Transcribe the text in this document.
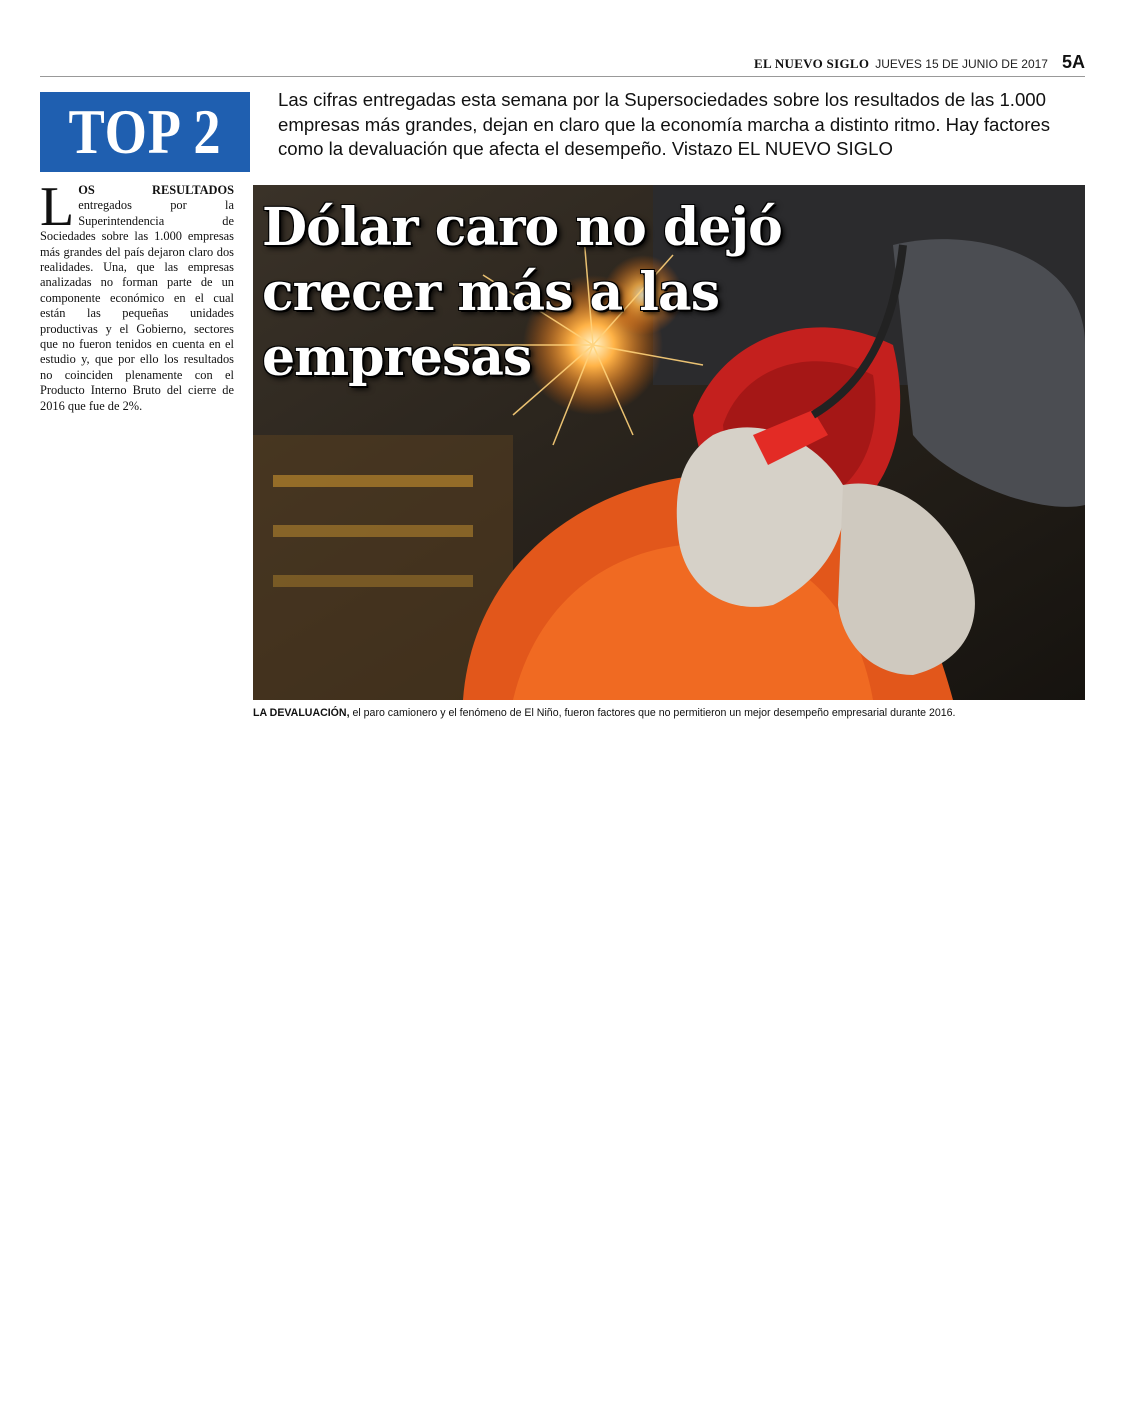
EL NUEVO SIGLO JUEVES 15 DE JUNIO DE 2017 5A
TOP 2	Las cifras entregadas esta semana por la Supersociedades sobre los resultados de las 1.000 empresas más grandes, dejan en claro que la economía marcha a distinto ritmo. Hay factores como la devaluación que afecta el desempeño. Vistazo EL NUEVO SIGLO
Dólar caro no dejó crecer más a las empresas
LA DEVALUACIÓN, el paro camionero y el fenómeno de El Niño, fueron factores que no permitieron un mejor desempeño empresarial durante 2016.

LOS RESULTADOS entregados por la Superintendencia de Sociedades sobre las 1.000 empresas más grandes del país dejaron claro dos realidades. Una, que las empresas analizadas no forman parte de un componente económico en el cual están las pequeñas unidades productivas y el Gobierno, sectores que no fueron tenidos en cuenta en el estudio y, que por ello los resultados no coinciden plenamente con el Producto Interno Bruto del cierre de 2016 que fue de 2%.
